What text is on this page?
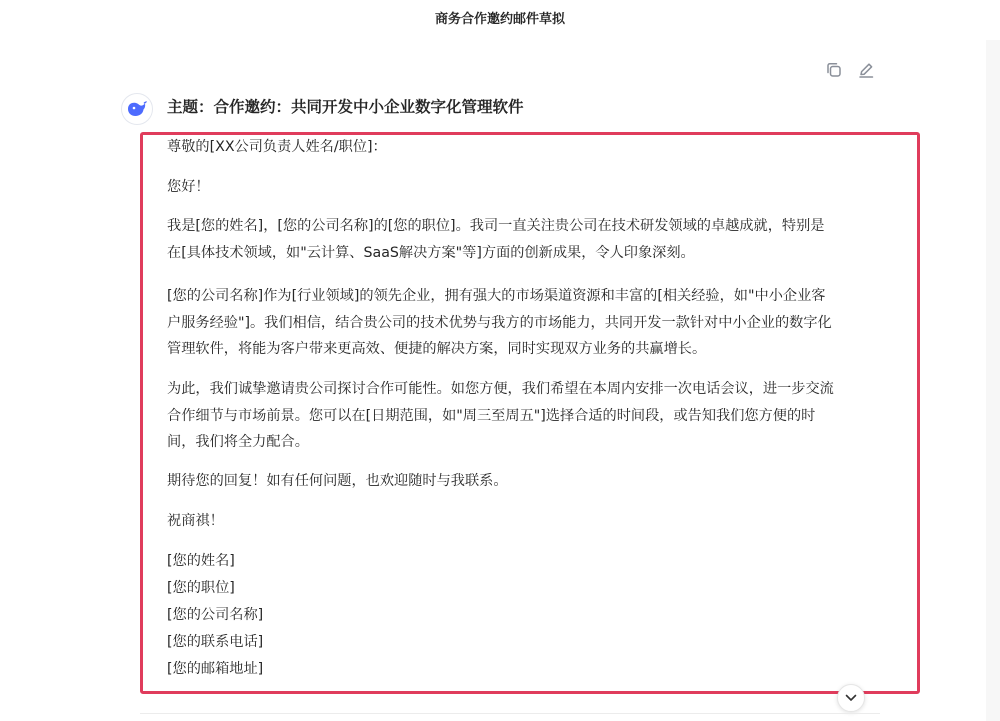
商务合作邀约邮件草拟
主题：合作邀约：共同开发中小企业数字化管理软件
尊敬的[XX公司负责人姓名/职位]：
您好！
我是[您的姓名]，[您的公司名称]的[您的职位]。我司一直关注贵公司在技术研发领域的卓越成就，特别是
在[具体技术领域，如"云计算、SaaS解决方案"等]方面的创新成果，令人印象深刻。
[您的公司名称]作为[行业领域]的领先企业，拥有强大的市场渠道资源和丰富的[相关经验，如"中小企业客
户服务经验"]。我们相信，结合贵公司的技术优势与我方的市场能力，共同开发一款针对中小企业的数字化
管理软件，将能为客户带来更高效、便捷的解决方案，同时实现双方业务的共赢增长。
为此，我们诚挚邀请贵公司探讨合作可能性。如您方便，我们希望在本周内安排一次电话会议，进一步交流
合作细节与市场前景。您可以在[日期范围，如"周三至周五"]选择合适的时间段，或告知我们您方便的时
间，我们将全力配合。
期待您的回复！如有任何问题，也欢迎随时与我联系。
祝商祺！
[您的姓名]
[您的职位]
[您的公司名称]
[您的联系电话]
[您的邮箱地址]
